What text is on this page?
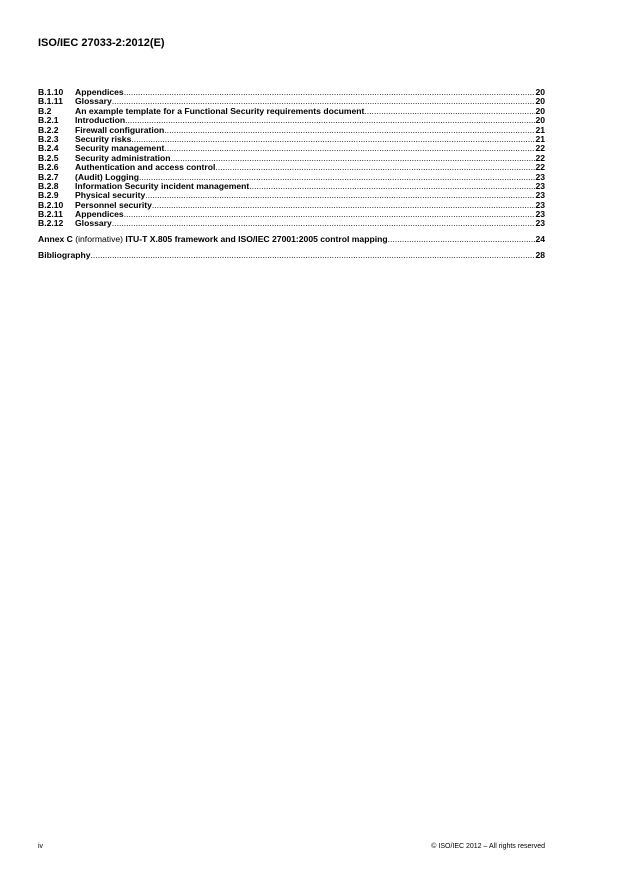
ISO/IEC 27033-2:2012(E)
B.1.10	Appendices .....	20
B.1.11	Glossary .....	20
B.2	An example template for a Functional Security requirements document .....	20
B.2.1	Introduction .....	20
B.2.2	Firewall configuration .....	21
B.2.3	Security risks .....	21
B.2.4	Security management .....	22
B.2.5	Security administration .....	22
B.2.6	Authentication and access control .....	22
B.2.7	(Audit) Logging .....	23
B.2.8	Information Security incident management .....	23
B.2.9	Physical security .....	23
B.2.10	Personnel security .....	23
B.2.11	Appendices .....	23
B.2.12	Glossary .....	23
Annex C (informative) ITU-T X.805 framework and ISO/IEC 27001:2005 control mapping .....	24
Bibliography .....	28
iv	© ISO/IEC 2012 – All rights reserved
